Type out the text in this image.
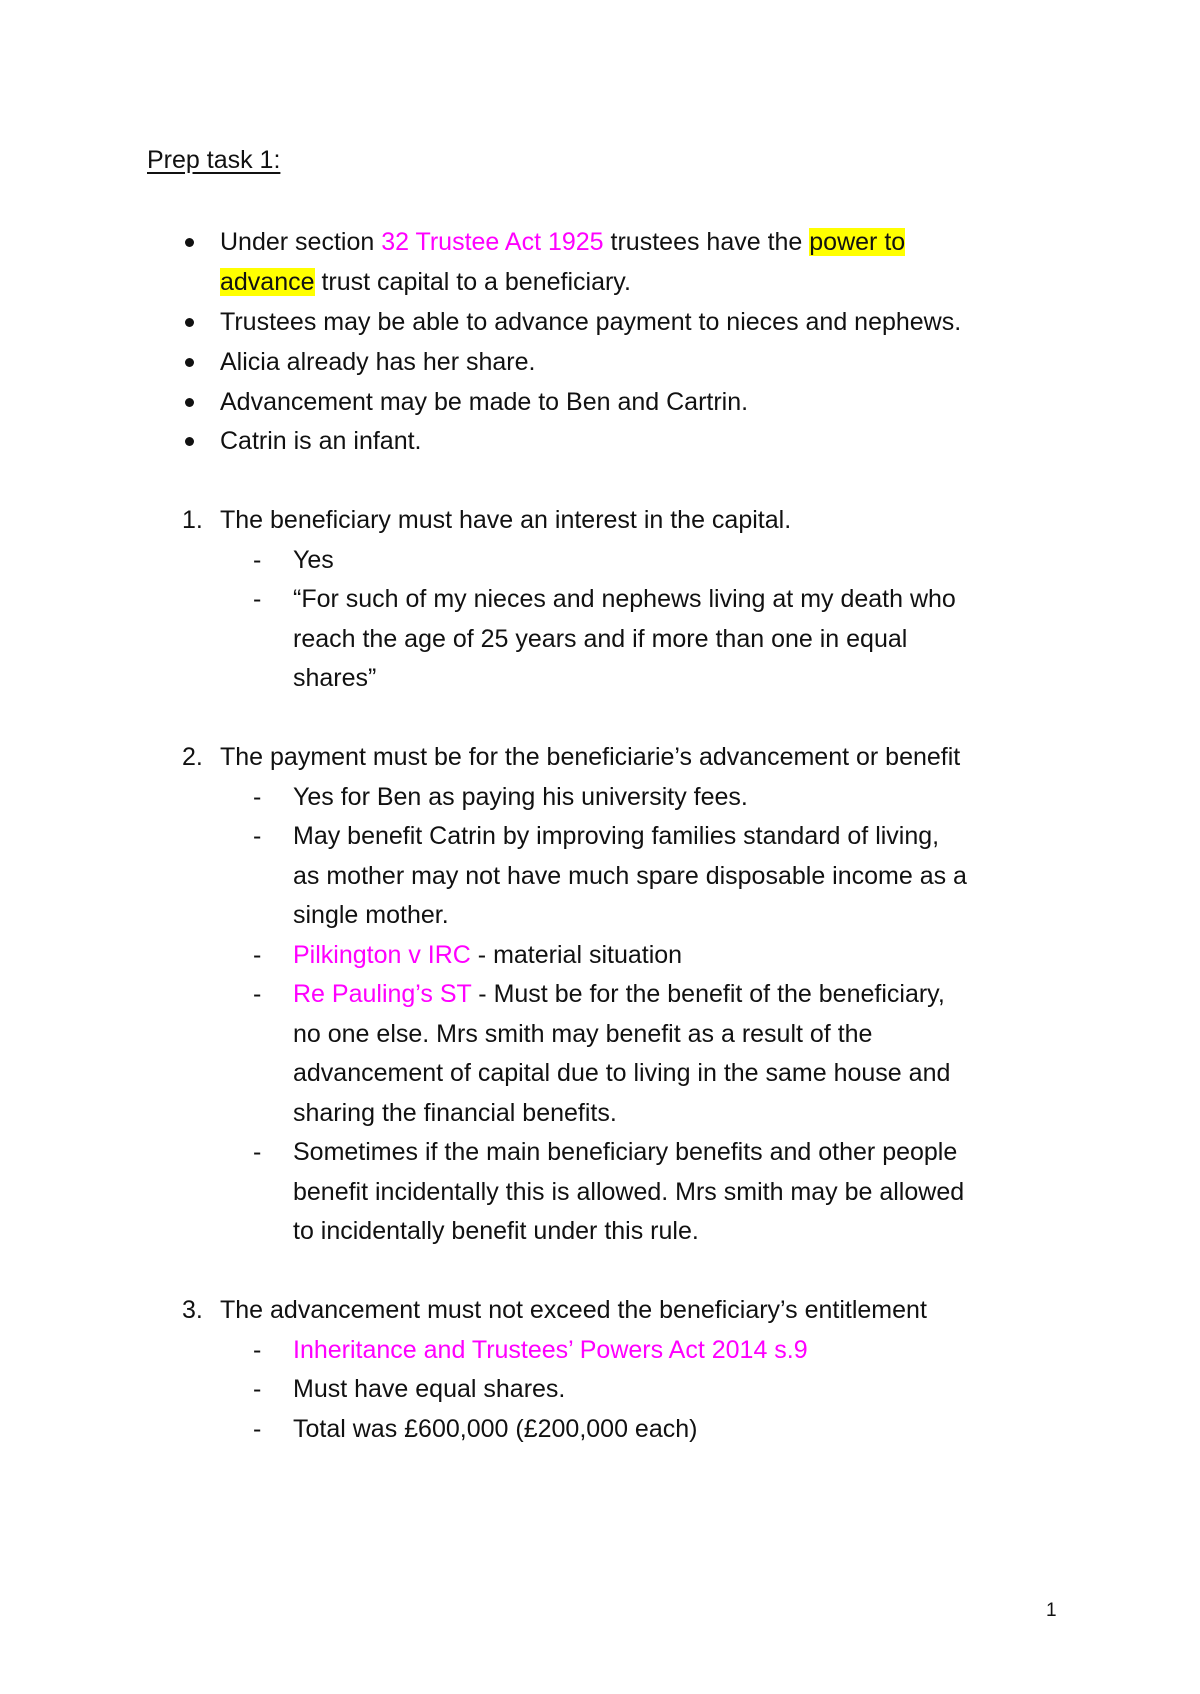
Prep task 1:
Under section 32 Trustee Act 1925 trustees have the power to
advance trust capital to a beneficiary.
Trustees may be able to advance payment to nieces and nephews.
Alicia already has her share.
Advancement may be made to Ben and Cartrin.
Catrin is an infant.
1. The beneficiary must have an interest in the capital.
- Yes
- “For such of my nieces and nephews living at my death who
reach the age of 25 years and if more than one in equal
shares”
2. The payment must be for the beneficiarie’s advancement or benefit
- Yes for Ben as paying his university fees.
- May benefit Catrin by improving families standard of living,
as mother may not have much spare disposable income as a
single mother.
- Pilkington v IRC - material situation
- Re Pauling’s ST - Must be for the benefit of the beneficiary,
no one else. Mrs smith may benefit as a result of the
advancement of capital due to living in the same house and
sharing the financial benefits.
- Sometimes if the main beneficiary benefits and other people
benefit incidentally this is allowed. Mrs smith may be allowed
to incidentally benefit under this rule.
3. The advancement must not exceed the beneficiary’s entitlement
- Inheritance and Trustees’ Powers Act 2014 s.9
- Must have equal shares.
- Total was £600,000 (£200,000 each)
1
